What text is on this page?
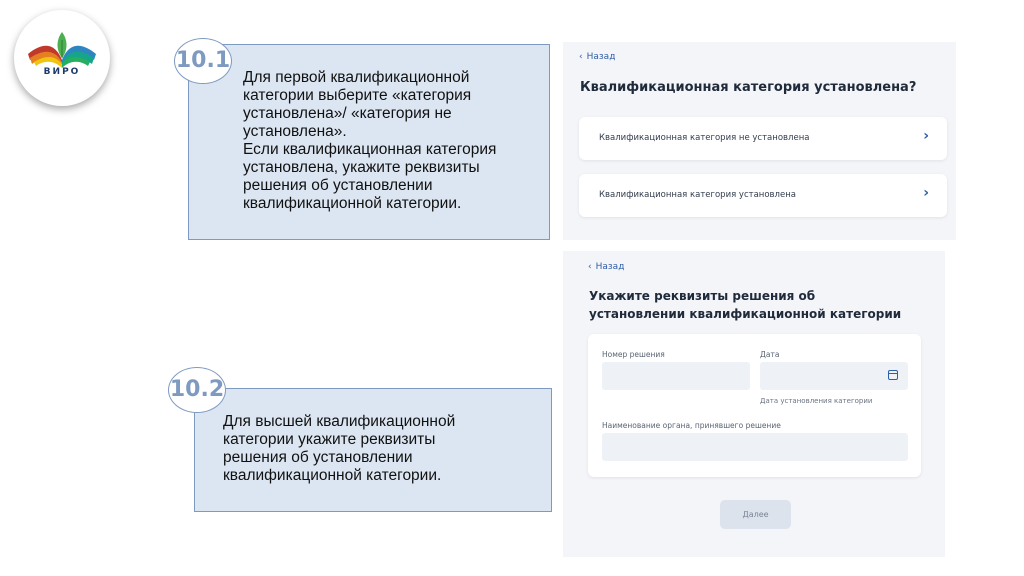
ВИРО	Для первой квалификационной
категории выберите «категория
установлена»/ «категория не
установлена».
Если квалификационная категория
установлена, укажите реквизиты
решения об установлении
квалификационной категории.

10.1

Для высшей квалификационной
категории укажите реквизиты
решения об установлении
квалификационной категории.

10.2
‹ Назад
Квалификационная категория установлена?
Квалификационная категория не установлена	›
Квалификационная категория установлена	›
‹ Назад
Укажите реквизиты решения об установлении квалификационной категории
Номер решения	Дата
Дата установления категории
Наименование органа, принявшего решение
Далее
